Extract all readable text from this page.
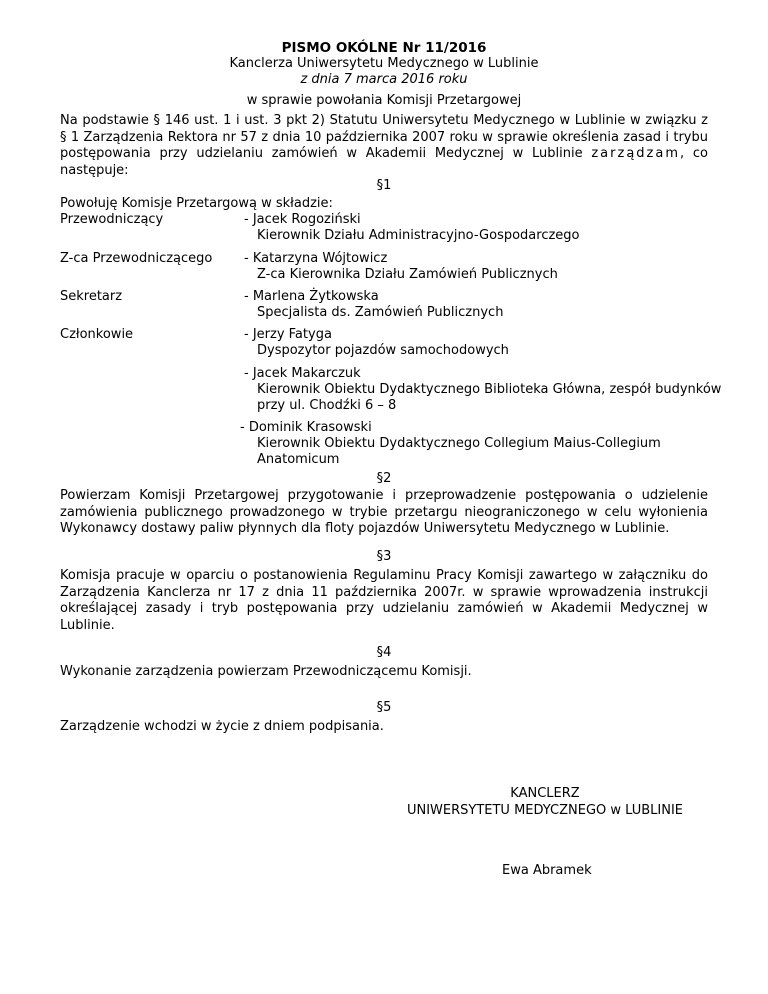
PISMO OKÓLNE Nr 11/2016
Kanclerza Uniwersytetu Medycznego w Lublinie
z dnia 7 marca 2016 roku
w sprawie powołania Komisji Przetargowej
Na podstawie § 146 ust. 1 i ust. 3 pkt 2) Statutu Uniwersytetu Medycznego w Lublinie w związku z § 1 Zarządzenia Rektora nr 57 z dnia 10 października 2007 roku w sprawie określenia zasad i trybu postępowania przy udzielaniu zamówień w Akademii Medycznej w Lublinie zarządzam, co następuje:
§1
Powołuję Komisje Przetargową w składzie:
Przewodniczący	- Jacek Rogoziński
Kierownik Działu Administracyjno-Gospodarczego
Z-ca Przewodniczącego - Katarzyna Wójtowicz
Z-ca Kierownika Działu Zamówień Publicznych
Sekretarz	- Marlena Żytkowska
Specjalista ds. Zamówień Publicznych
Członkowie	- Jerzy Fatyga
Dyspozytor pojazdów samochodowych
- Jacek Makarczuk
Kierownik Obiektu Dydaktycznego Biblioteka Główna, zespół budynków
przy ul. Chodźki 6 – 8
- Dominik Krasowski
Kierownik Obiektu Dydaktycznego Collegium Maius-Collegium
Anatomicum
§2
Powierzam Komisji Przetargowej przygotowanie i przeprowadzenie postępowania o udzielenie zamówienia publicznego prowadzonego w trybie przetargu nieograniczonego w celu wyłonienia Wykonawcy dostawy paliw płynnych dla floty pojazdów Uniwersytetu Medycznego w Lublinie.
§3
Komisja pracuje w oparciu o postanowienia Regulaminu Pracy Komisji zawartego w załączniku do Zarządzenia Kanclerza nr 17 z dnia 11 października 2007r. w sprawie wprowadzenia instrukcji określającej zasady i tryb postępowania przy udzielaniu zamówień w Akademii Medycznej w Lublinie.
§4
Wykonanie zarządzenia powierzam Przewodniczącemu Komisji.
§5
Zarządzenie wchodzi w życie z dniem podpisania.
KANCLERZ
UNIWERSYTETU MEDYCZNEGO w LUBLINIE
Ewa Abramek
